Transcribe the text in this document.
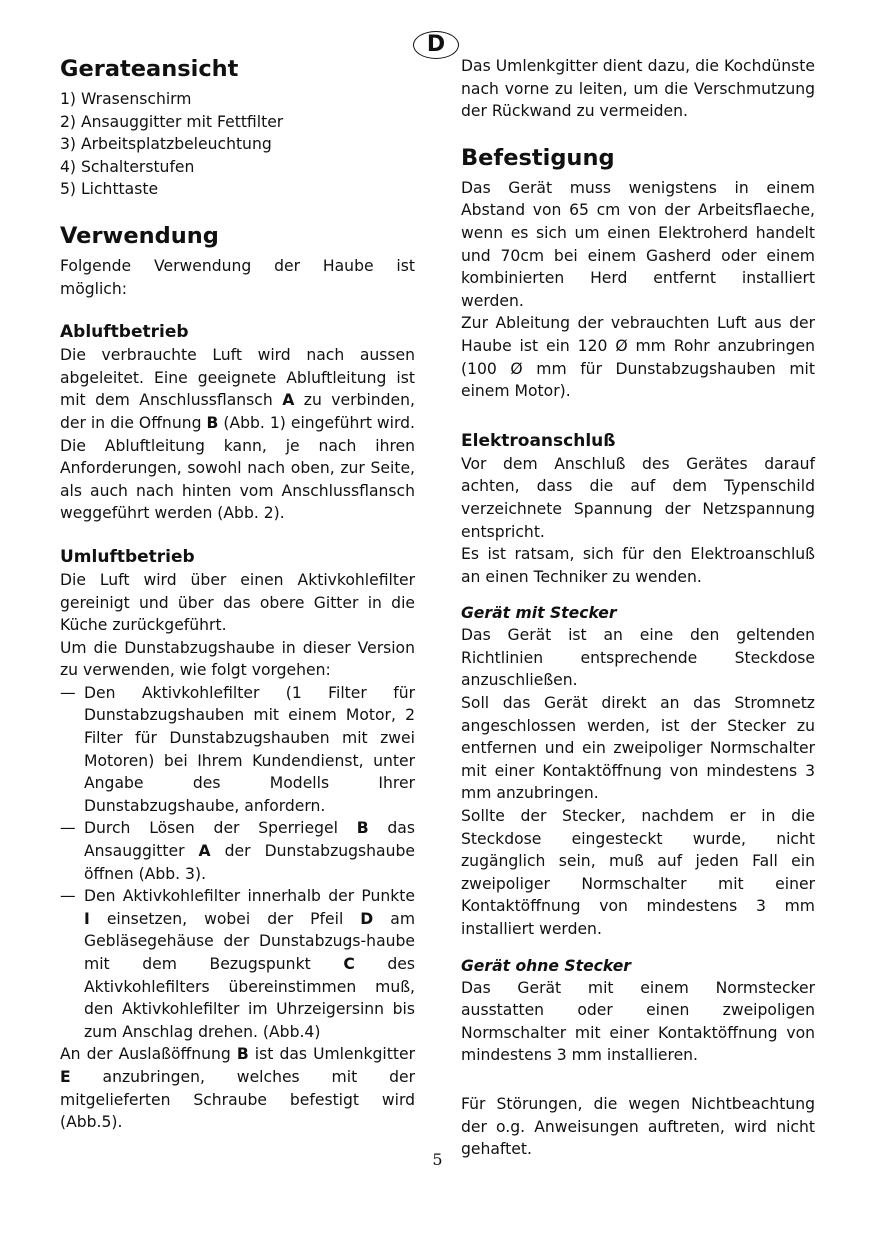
D
Gerateansicht
1) Wrasenschirm
2) Ansauggitter mit Fettfilter
3) Arbeitsplatzbeleuchtung
4) Schalterstufen
5) Lichttaste
Verwendung

Folgende Verwendung der Haube ist möglich:

Abluftbetrieb

Die verbrauchte Luft wird nach aussen abgeleitet. Eine geeignete Abluftleitung ist mit dem Anschlussflansch A zu verbinden, der in die Offnung B (Abb. 1) eingeführt wird. Die Abluftleitung kann, je nach ihren Anforderungen, sowohl nach oben, zur Seite, als auch nach hinten vom Anschlussflansch weggeführt werden (Abb. 2).

Umluftbetrieb

Die Luft wird über einen Aktivkohlefilter gereinigt und über das obere Gitter in die Küche zurückgeführt.

Um die Dunstabzugshaube in dieser Version zu verwenden, wie folgt vorgehen:

— Den Aktivkohlefilter (1 Filter für Dunstabzugshauben mit einem Motor, 2 Filter für Dunstabzugshauben mit zwei Motoren) bei Ihrem Kundendienst, unter Angabe des Modells Ihrer Dunstabzugshaube, anfordern.
— Durch Lösen der Sperriegel B das Ansauggitter A der Dunstabzugshaube öffnen (Abb. 3).
— Den Aktivkohlefilter innerhalb der Punkte I einsetzen, wobei der Pfeil D am Gebläsegehäuse der Dunstabzugs-haube mit dem Bezugspunkt C des Aktivkohlefilters übereinstimmen muß, den Aktivkohlefilter im Uhrzeigersinn bis zum Anschlag drehen. (Abb.4)

An der Auslaßöffnung B ist das Umlenkgitter E anzubringen, welches mit der mitgelieferten Schraube befestigt wird (Abb.5).

Das Umlenkgitter dient dazu, die Kochdünste nach vorne zu leiten, um die Verschmutzung der Rückwand zu vermeiden.

Befestigung

Das Gerät muss wenigstens in einem Abstand von 65 cm von der Arbeitsflaeche, wenn es sich um einen Elektroherd handelt und 70cm bei einem Gasherd oder einem kombinierten Herd entfernt installiert werden.

Zur Ableitung der vebrauchten Luft aus der Haube ist ein 120 Ø mm Rohr anzubringen (100 Ø mm für Dunstabzugshauben mit einem Motor).

Elektroanschluß

Vor dem Anschluß des Gerätes darauf achten, dass die auf dem Typenschild verzeichnete Spannung der Netzspannung entspricht.

Es ist ratsam, sich für den Elektroanschluß an einen Techniker zu wenden.

Gerät mit Stecker

Das Gerät ist an eine den geltenden Richtlinien entsprechende Steckdose anzuschließen.

Soll das Gerät direkt an das Stromnetz angeschlossen werden, ist der Stecker zu entfernen und ein zweipoliger Normschalter mit einer Kontaktöffnung von mindestens 3 mm anzubringen.

Sollte der Stecker, nachdem er in die Steckdose eingesteckt wurde, nicht zugänglich sein, muß auf jeden Fall ein zweipoliger Normschalter mit einer Kontaktöffnung von mindestens 3 mm installiert werden.

Gerät ohne Stecker

Das Gerät mit einem Normstecker ausstatten oder einen zweipoligen Normschalter mit einer Kontaktöffnung von mindestens 3 mm installieren.

Für Störungen, die wegen Nichtbeachtung der o.g. Anweisungen auftreten, wird nicht gehaftet.

5
